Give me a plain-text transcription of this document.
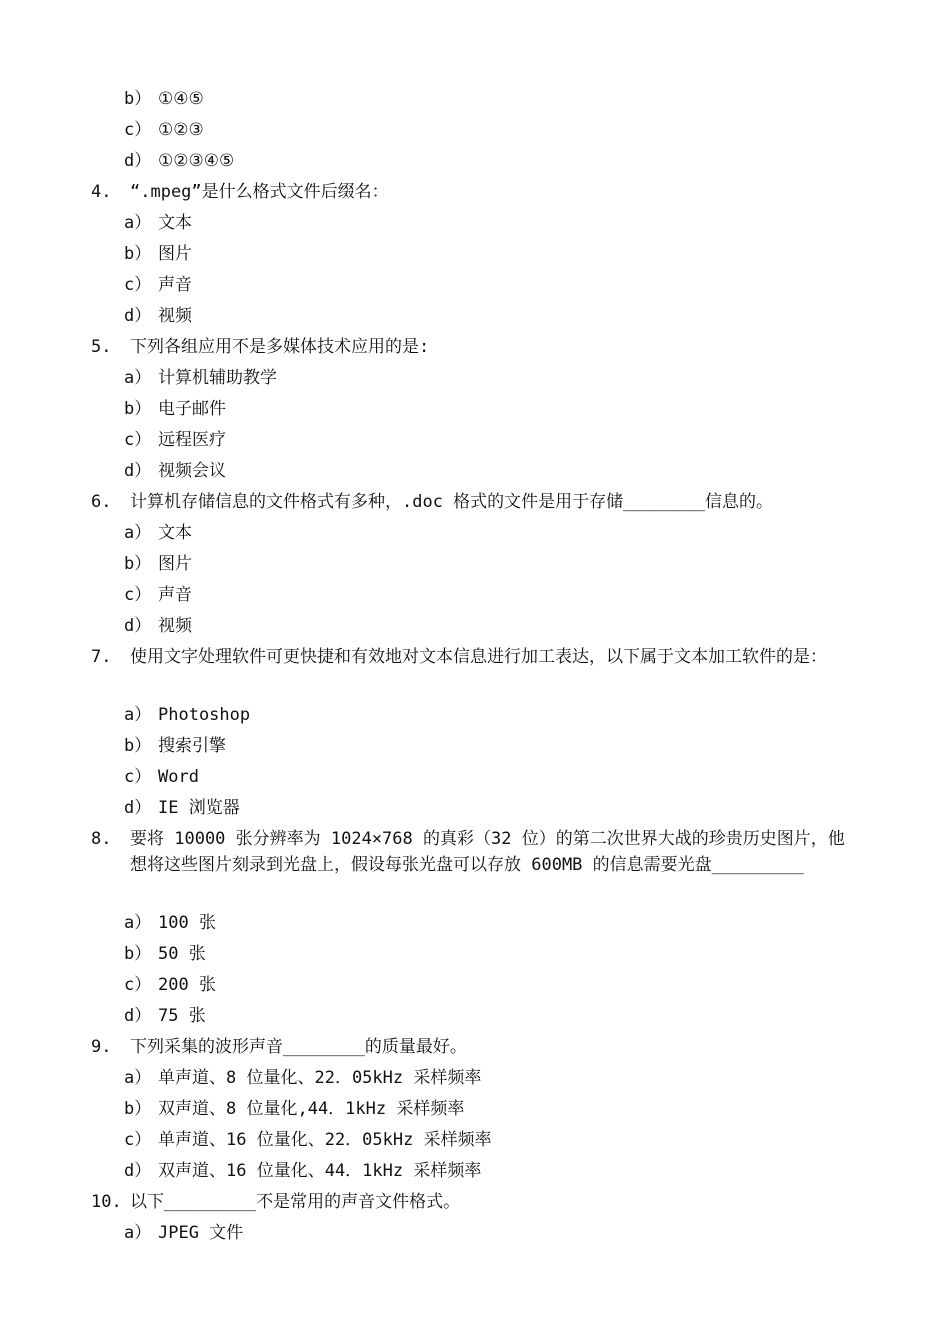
b） ①④⑤
c） ①②③
d） ①②③④⑤
4. “.mpeg”是什么格式文件后缀名：
a） 文本
b） 图片
c） 声音
d） 视频
5. 下列各组应用不是多媒体技术应用的是:
a） 计算机辅助教学
b） 电子邮件
c） 远程医疗
d） 视频会议
6. 计算机存储信息的文件格式有多种，.doc 格式的文件是用于存储________信息的。
a） 文本
b） 图片
c） 声音
d） 视频
7. 使用文字处理软件可更快捷和有效地对文本信息进行加工表达，以下属于文本加工软件的是：
a） Photoshop
b） 搜索引擎
c） Word
d） IE 浏览器
8. 要将 10000 张分辨率为 1024×768 的真彩（32 位）的第二次世界大战的珍贵历史图片，他想将这些图片刻录到光盘上，假设每张光盘可以存放 600MB 的信息需要光盘_________
a） 100 张
b） 50 张
c） 200 张
d） 75 张
9. 下列采集的波形声音________的质量最好。
a） 单声道、8 位量化、22．05kHz 采样频率
b） 双声道、8 位量化,44．1kHz 采样频率
c） 单声道、16 位量化、22．05kHz 采样频率
d） 双声道、16 位量化、44．1kHz 采样频率
10. 以下_________不是常用的声音文件格式。
a） JPEG 文件
